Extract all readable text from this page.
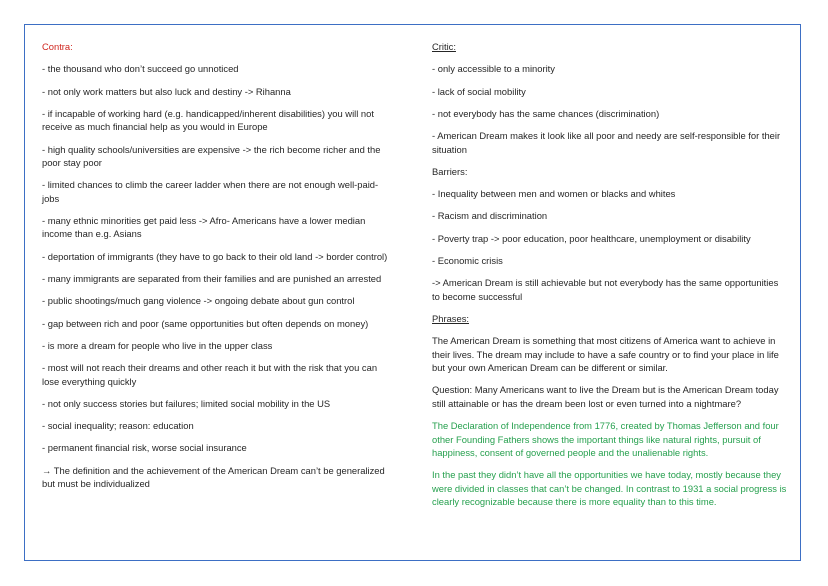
Contra:

- the thousand who don’t succeed go unnoticed

- not only work matters but also luck and destiny -> Rihanna

- if incapable of working hard (e.g. handicapped/inherent disabilities) you will not receive as much financial help as you would in Europe

- high quality schools/universities are expensive -> the rich become richer and the poor stay poor

- limited chances to climb the career ladder when there are not enough well-paid-jobs

- many ethnic minorities get paid less -> Afro- Americans have a lower median income than e.g. Asians

- deportation of immigrants (they have to go back to their old land -> border control)

- many immigrants are separated from their families and are punished an arrested

- public shootings/much gang violence -> ongoing debate about gun control

- gap between rich and poor (same opportunities but often depends on money)

- is more a dream for people who live in the upper class

- most will not reach their dreams and other reach it but with the risk that you can lose everything quickly

- not only success stories but failures; limited social mobility in the US

- social inequality; reason: education

- permanent financial risk, worse social insurance

→ The definition and the achievement of the American Dream can’t be generalized but must be individualized

Critic:

- only accessible to a minority

- lack of social mobility

- not everybody has the same chances (discrimination)

- American Dream makes it look like all poor and needy are self-responsible for their situation

Barriers:

- Inequality between men and women or blacks and whites

- Racism and discrimination

- Poverty trap -> poor education, poor healthcare, unemployment or disability

- Economic crisis

-> American Dream is still achievable but not everybody has the same opportunities to become successful

Phrases:

The American Dream is something that most citizens of America want to achieve in their lives. The dream may include to have a safe country or to find your place in life but your own American Dream can be different or similar.

Question: Many Americans want to live the Dream but is the American Dream today still attainable or has the dream been lost or even turned into a nightmare?

The Declaration of Independence from 1776, created by Thomas Jefferson and four other Founding Fathers shows the important things like natural rights, pursuit of happiness, consent of governed people and the unalienable rights.

In the past they didn’t have all the opportunities we have today, mostly because they were divided in classes that can’t be changed. In contrast to 1931 a social progress is clearly recognizable because there is more equality than to this time.
